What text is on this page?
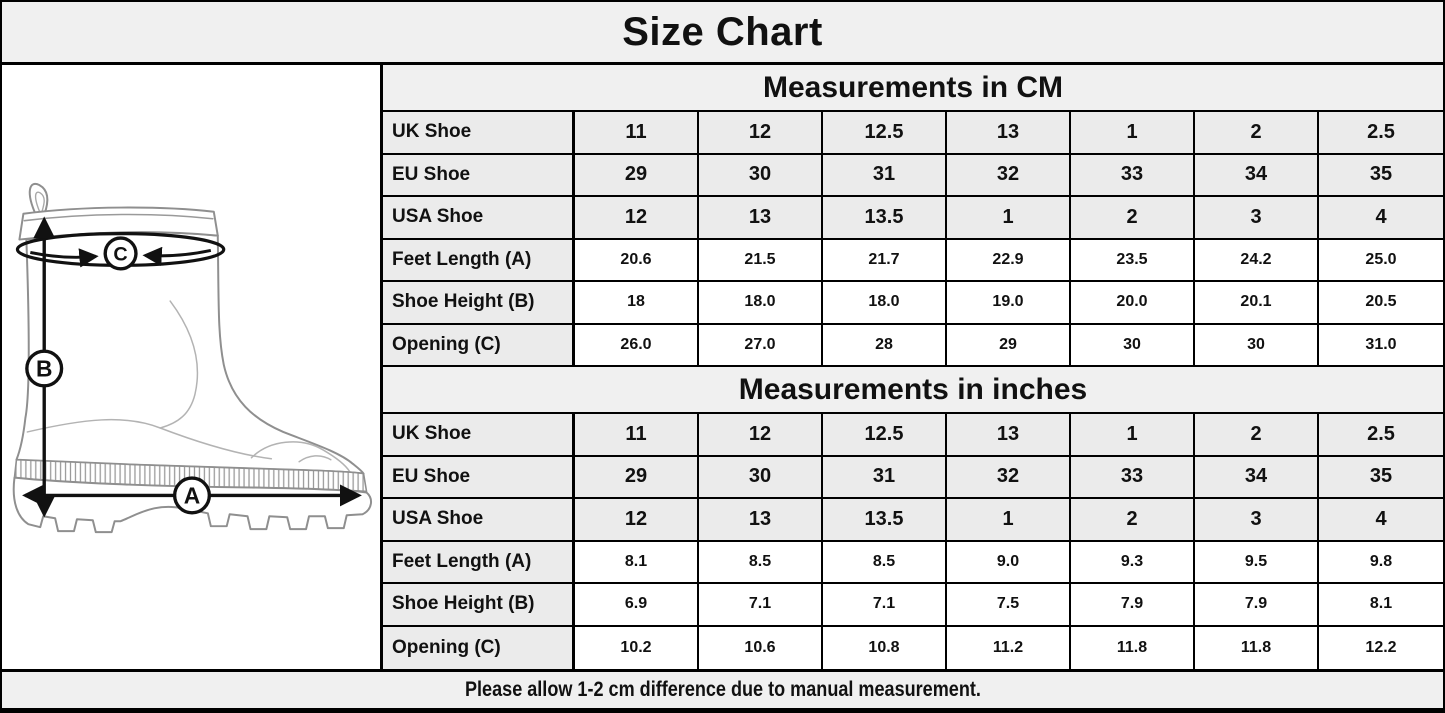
Size Chart
C
B
A
Measurements in CM
UK Shoe	11	12	12.5	13	1	2	2.5
EU Shoe	29	30	31	32	33	34	35
USA Shoe	12	13	13.5	1	2	3	4
Feet Length (A)	20.6	21.5	21.7	22.9	23.5	24.2	25.0
Shoe Height (B)	18	18.0	18.0	19.0	20.0	20.1	20.5
Opening (C)	26.0	27.0	28	29	30	30	31.0
Measurements in inches
UK Shoe	11	12	12.5	13	1	2	2.5
EU Shoe	29	30	31	32	33	34	35
USA Shoe	12	13	13.5	1	2	3	4
Feet Length (A)	8.1	8.5	8.5	9.0	9.3	9.5	9.8
Shoe Height (B)	6.9	7.1	7.1	7.5	7.9	7.9	8.1
Opening (C)	10.2	10.6	10.8	11.2	11.8	11.8	12.2
Please allow 1-2 cm difference due to manual measurement.
